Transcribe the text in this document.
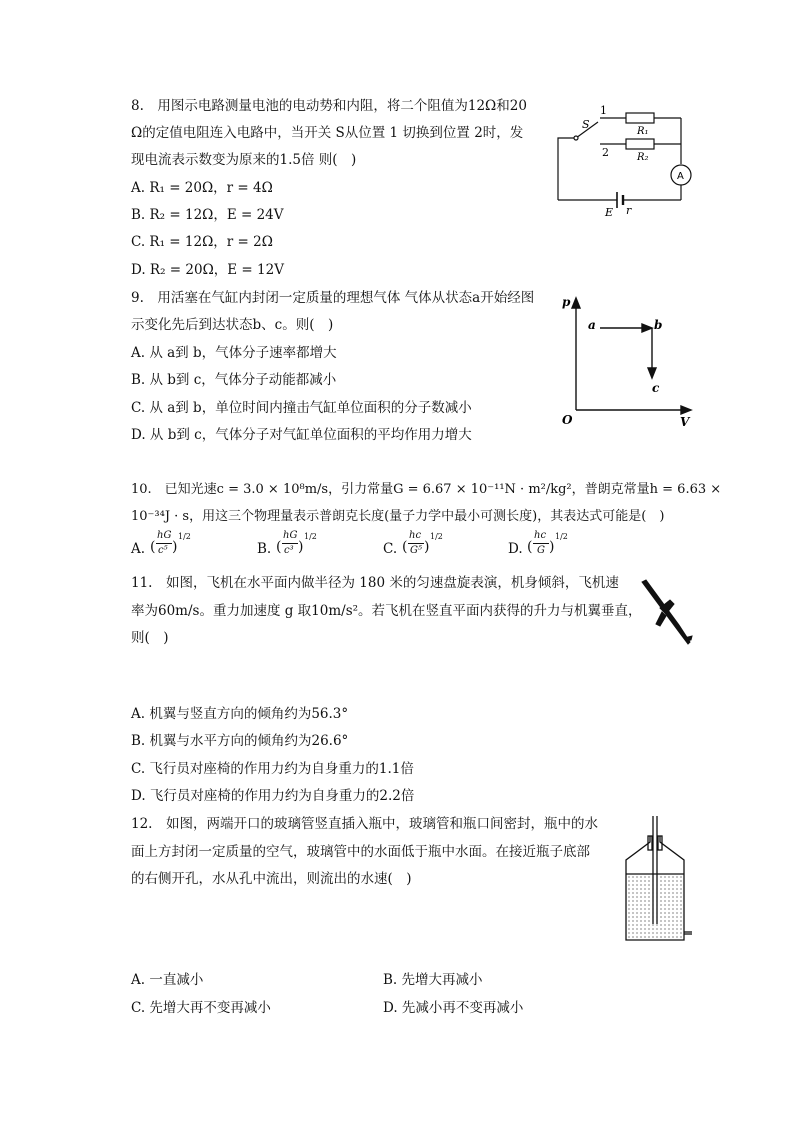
8.　用图示电路测量电池的电动势和内阻，将二个阻值为12Ω和20
Ω的定值电阻连入电路中，当开关 S从位置 1 切换到位置 2时，发
现电流表示数变为原来的1.5倍 则(　)
A. R₁ = 20Ω，r = 4Ω
B. R₂ = 12Ω，E = 24V
C. R₁ = 12Ω，r = 2Ω
D. R₂ = 20Ω，E = 12V
S
1
2
R₁
R₂
A
E r
9.　用活塞在气缸内封闭一定质量的理想气体 气体从状态a开始经图
示变化先后到达状态b、c。则(　)
A. 从 a到 b，气体分子速率都增大
B. 从 b到 c，气体分子动能都减小
C. 从 a到 b，单位时间内撞击气缸单位面积的分子数减小
D. 从 b到 c，气体分子对气缸单位面积的平均作用力增大
p
V
O
a	b
c
10.　已知光速c = 3.0 × 10⁸m/s，引力常量G = 6.67 × 10⁻¹¹N · m²/kg²，普朗克常量h = 6.63 ×
10⁻³⁴J · s，用这三个物理量表示普朗克长度(量子力学中最小可测长度)，其表达式可能是(　)
A. (
hG
c⁵ )
1/2
B. (
hG
c³ )
1/2
C. (
hc
G⁵ )
1/2
D. (
hc
G )
1/2
11.　如图，飞机在水平面内做半径为 180 米的匀速盘旋表演，机身倾斜，飞机速
率为60m/s。重力加速度 g 取10m/s²。若飞机在竖直平面内获得的升力与机翼垂直，
则(　)
A. 机翼与竖直方向的倾角约为56.3°
B. 机翼与水平方向的倾角约为26.6°
C. 飞行员对座椅的作用力约为自身重力的1.1倍
D. 飞行员对座椅的作用力约为自身重力的2.2倍
12.　如图，两端开口的玻璃管竖直插入瓶中，玻璃管和瓶口间密封，瓶中的水
面上方封闭一定质量的空气，玻璃管中的水面低于瓶中水面。在接近瓶子底部
的右侧开孔，水从孔中流出，则流出的水速(　)
A. 一直减小	B. 先增大再减小
C. 先增大再不变再减小	D. 先减小再不变再减小
